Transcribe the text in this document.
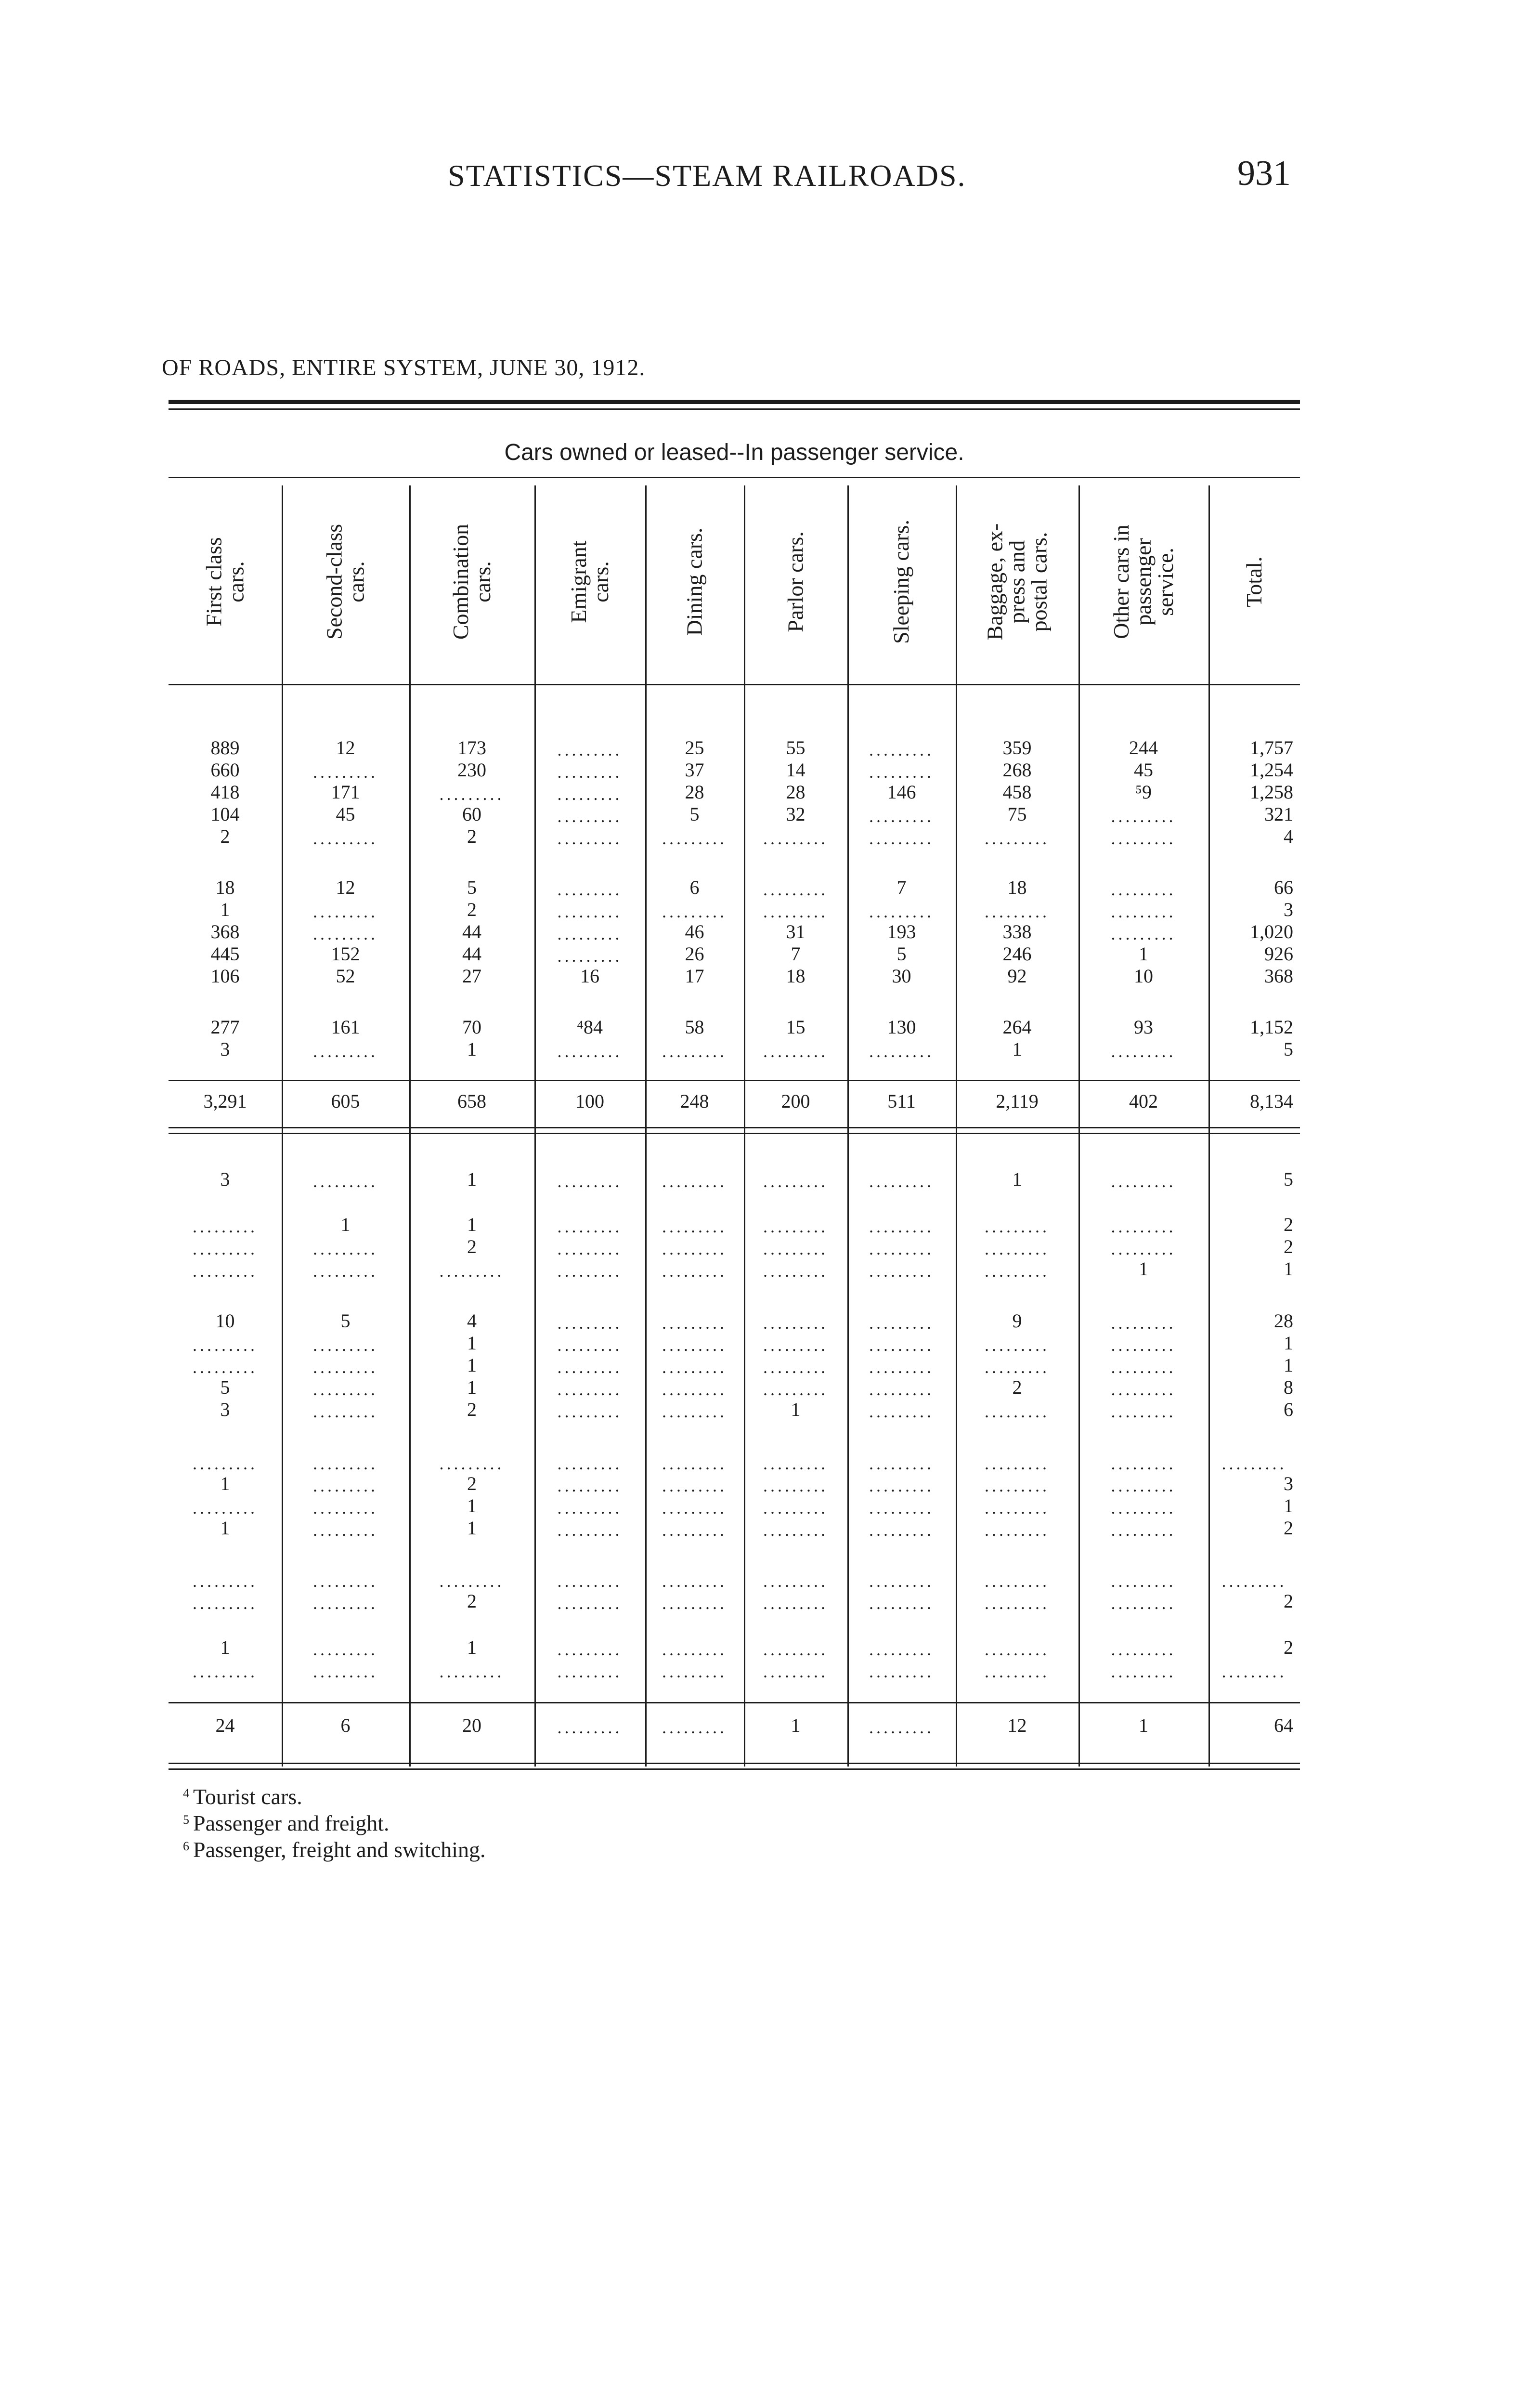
STATISTICS—STEAM RAILROADS.	931
OF ROADS, ENTIRE SYSTEM, JUNE 30, 1912.
Cars owned or leased--In passenger service.
First class
cars.	Second-class
cars.	Combination
cars.	Emigrant
cars.	Dining cars.	Parlor cars.	Sleeping cars.	Baggage, ex-
press and
postal cars.
Other cars in
passenger
service.	Total.
889	12	173	.........	25	55	.........	359	244	1,757
660	.........	230	.........	37	14	.........	268	45	1,254
418	171	.........	.........	28	28	146	458	⁵9	1,258
104	45	60	.........	5	32	.........	75	.........	321
2	.........	2	.........	.........	.........	.........	.........	.........	4
18	12	5	.........	6	.........	7	18	.........	66
1	.........	2	.........	.........	.........	.........	.........	.........	3
368	.........	44	.........	46	31	193	338	.........	1,020
445	152	44	.........	26	7	5	246	1	926
106	52	27	16	17	18	30	92	10	368
277	161	70	⁴84	58	15	130	264	93	1,152
3	.........	1	.........	.........	.........	.........	1	.........	5
3,291	605	658	100	248	200	511	2,119	402	8,134
3	.........	1	.........	.........	.........	.........	1	.........	5
.........	1	1	.........	.........	.........	.........	.........	.........	2
.........	.........	2	.........	.........	.........	.........	.........	.........	2
.........	.........	.........	.........	.........	.........	.........	.........	1	1
10	5	4	.........	.........	.........	.........	9	.........	28
.........	.........	1	.........	.........	.........	.........	.........	.........	1
.........	.........	1	.........	.........	.........	.........	.........	.........	1
5	.........	1	.........	.........	.........	.........	2	.........	8
3	.........	2	.........	.........	1	.........	.........	.........	6
.........	.........	.........	.........	.........	.........	.........	.........	.........	.........
1	.........	2	.........	.........	.........	.........	.........	.........	3
.........	.........	1	.........	.........	.........	.........	.........	.........	1
1	.........	1	.........	.........	.........	.........	.........	.........	2
.........	.........	.........	.........	.........	.........	.........	.........	.........	.........
.........	.........	2	.........	.........	.........	.........	.........	.........	2
1	.........	1	.........	.........	.........	.........	.........	.........	2
.........	.........	.........	.........	.........	.........	.........	.........	.........	.........
24	6	20	.........	.........	1	.........	12	1	64
$^4$ Tourist cars.
$^5$ Passenger and freight.
$^6$ Passenger, freight and switching.
